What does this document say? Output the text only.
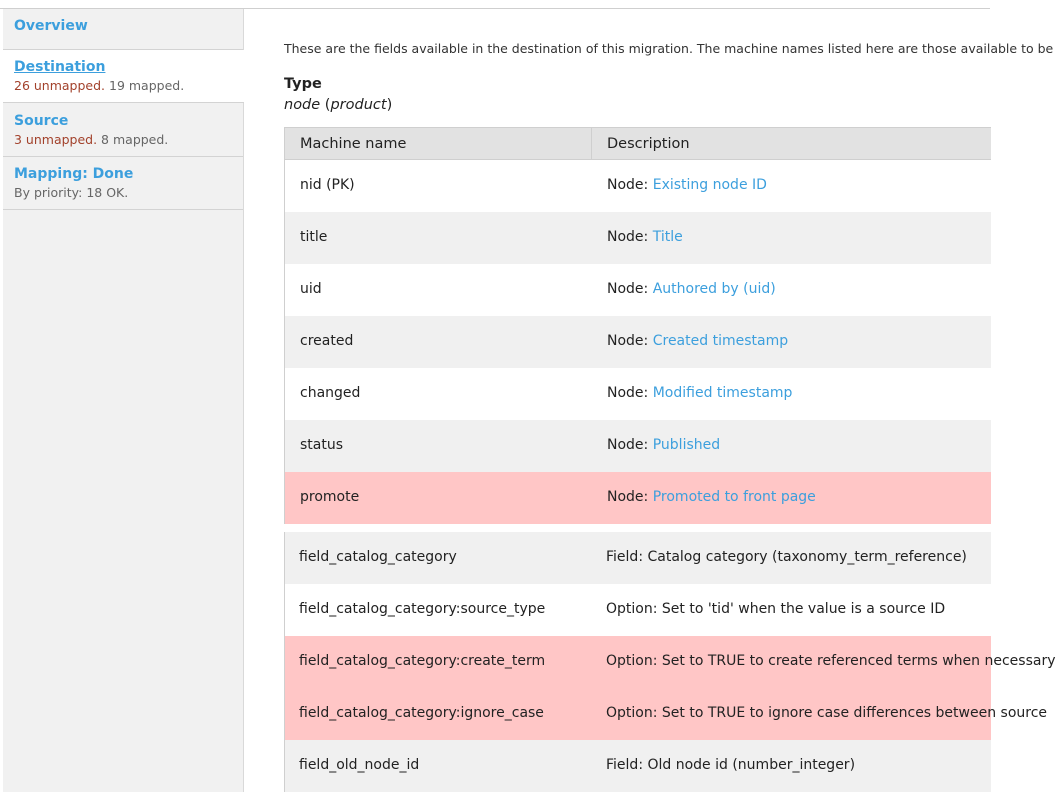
Overview
Destination
26 unmapped. 19 mapped.
Source
3 unmapped. 8 mapped.
Mapping: Done
By priority: 18 OK.
These are the fields available in the destination of this migration. The machine names listed here are those available to be
Type
node (product)
Machine name	Description
nid (PK)	Node: Existing node ID
title	Node: Title
uid	Node: Authored by (uid)
created	Node: Created timestamp
changed	Node: Modified timestamp
status	Node: Published
promote	Node: Promoted to front page
field_catalog_category	Field: Catalog category (taxonomy_term_reference)
field_catalog_category:source_type	Option: Set to 'tid' when the value is a source ID
field_catalog_category:create_term	Option: Set to TRUE to create referenced terms when necessary
field_catalog_category:ignore_case	Option: Set to TRUE to ignore case differences between source
field_old_node_id	Field: Old node id (number_integer)
